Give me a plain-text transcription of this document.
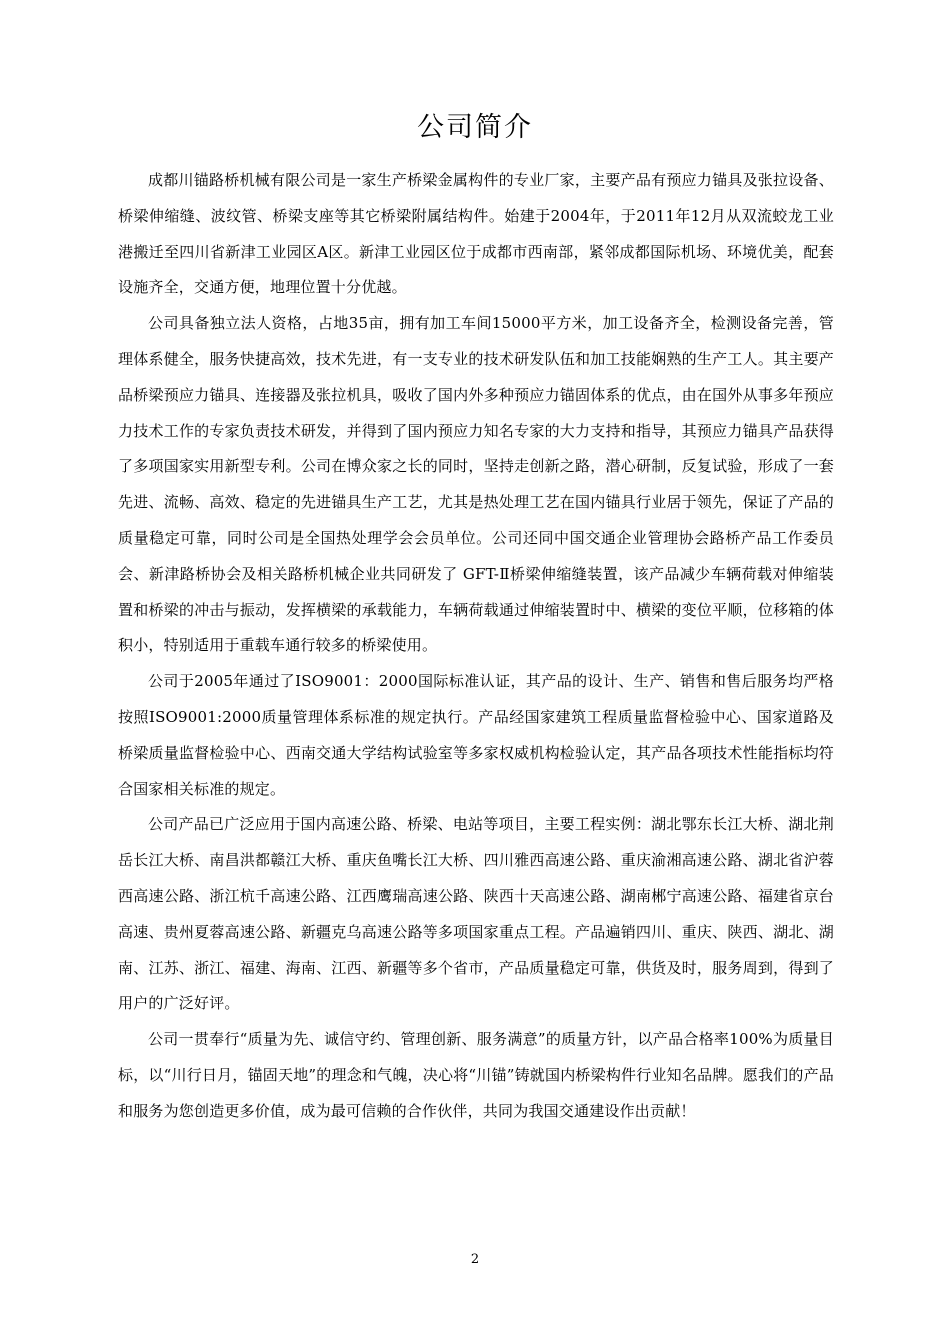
公司简介

成都川锚路桥机械有限公司是一家生产桥梁金属构件的专业厂家，主要产品有预应力锚具及张拉设备、桥梁伸缩缝、波纹管、桥梁支座等其它桥梁附属结构件。始建于2004年，于2011年12月从双流蛟龙工业港搬迁至四川省新津工业园区A区。新津工业园区位于成都市西南部，紧邻成都国际机场、环境优美，配套设施齐全，交通方便，地理位置十分优越。

公司具备独立法人资格，占地35亩，拥有加工车间15000平方米，加工设备齐全，检测设备完善，管理体系健全，服务快捷高效，技术先进，有一支专业的技术研发队伍和加工技能娴熟的生产工人。其主要产品桥梁预应力锚具、连接器及张拉机具，吸收了国内外多种预应力锚固体系的优点，由在国外从事多年预应力技术工作的专家负责技术研发，并得到了国内预应力知名专家的大力支持和指导，其预应力锚具产品获得了多项国家实用新型专利。公司在博众家之长的同时，坚持走创新之路，潜心研制，反复试验，形成了一套先进、流畅、高效、稳定的先进锚具生产工艺，尤其是热处理工艺在国内锚具行业居于领先，保证了产品的质量稳定可靠，同时公司是全国热处理学会会员单位。公司还同中国交通企业管理协会路桥产品工作委员会、新津路桥协会及相关路桥机械企业共同研发了 GFT-Ⅱ桥梁伸缩缝装置，该产品减少车辆荷载对伸缩装置和桥梁的冲击与振动，发挥横梁的承载能力，车辆荷载通过伸缩装置时中、横梁的变位平顺，位移箱的体积小，特别适用于重载车通行较多的桥梁使用。

公司于2005年通过了ISO9001：2000国际标准认证，其产品的设计、生产、销售和售后服务均严格按照ISO9001:2000质量管理体系标准的规定执行。产品经国家建筑工程质量监督检验中心、国家道路及桥梁质量监督检验中心、西南交通大学结构试验室等多家权威机构检验认定，其产品各项技术性能指标均符合国家相关标准的规定。

公司产品已广泛应用于国内高速公路、桥梁、电站等项目，主要工程实例：湖北鄂东长江大桥、湖北荆岳长江大桥、南昌洪都赣江大桥、重庆鱼嘴长江大桥、四川雅西高速公路、重庆渝湘高速公路、湖北省沪蓉西高速公路、浙江杭千高速公路、江西鹰瑞高速公路、陕西十天高速公路、湖南郴宁高速公路、福建省京台高速、贵州夏蓉高速公路、新疆克乌高速公路等多项国家重点工程。产品遍销四川、重庆、陕西、湖北、湖南、江苏、浙江、福建、海南、江西、新疆等多个省市，产品质量稳定可靠，供货及时，服务周到，得到了用户的广泛好评。

公司一贯奉行“质量为先、诚信守约、管理创新、服务满意”的质量方针，以产品合格率100%为质量目标，以“川行日月，锚固天地”的理念和气魄，决心将“川锚”铸就国内桥梁构件行业知名品牌。愿我们的产品和服务为您创造更多价值，成为最可信赖的合作伙伴，共同为我国交通建设作出贡献！

2
